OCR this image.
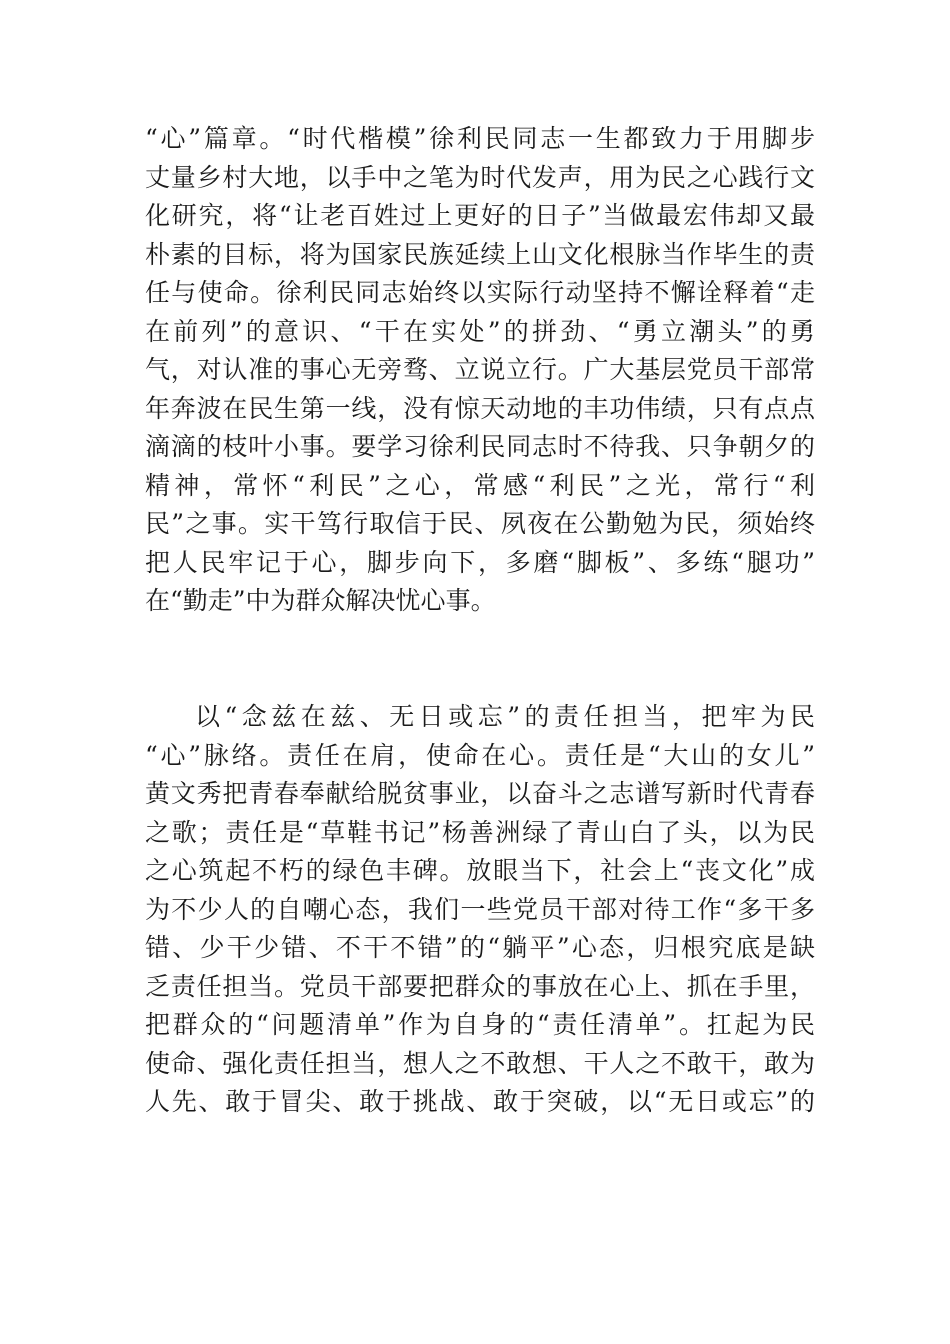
“心”篇章。“时代楷模”徐利民同志一生都致力于用脚步
丈量乡村大地，以手中之笔为时代发声，用为民之心践行文
化研究，将“让老百姓过上更好的日子”当做最宏伟却又最
朴素的目标，将为国家民族延续上山文化根脉当作毕生的责
任与使命。徐利民同志始终以实际行动坚持不懈诠释着“走
在前列”的意识、“干在实处”的拼劲、“勇立潮头”的勇
气，对认准的事心无旁骛、立说立行。广大基层党员干部常
年奔波在民生第一线，没有惊天动地的丰功伟绩，只有点点
滴滴的枝叶小事。要学习徐利民同志时不待我、只争朝夕的
精神，常怀“利民”之心，常感“利民”之光，常行“利
民”之事。实干笃行取信于民、夙夜在公勤勉为民，须始终
把人民牢记于心，脚步向下，多磨“脚板”、多练“腿功”
在“勤走”中为群众解决忧心事。
以“念兹在兹、无日或忘”的责任担当，把牢为民
“心”脉络。责任在肩，使命在心。责任是“大山的女儿”
黄文秀把青春奉献给脱贫事业，以奋斗之志谱写新时代青春
之歌；责任是“草鞋书记”杨善洲绿了青山白了头，以为民
之心筑起不朽的绿色丰碑。放眼当下，社会上“丧文化”成
为不少人的自嘲心态，我们一些党员干部对待工作“多干多
错、少干少错、不干不错”的“躺平”心态，归根究底是缺
乏责任担当。党员干部要把群众的事放在心上、抓在手里，
把群众的“问题清单”作为自身的“责任清单”。扛起为民
使命、强化责任担当，想人之不敢想、干人之不敢干，敢为
人先、敢于冒尖、敢于挑战、敢于突破，以“无日或忘”的
